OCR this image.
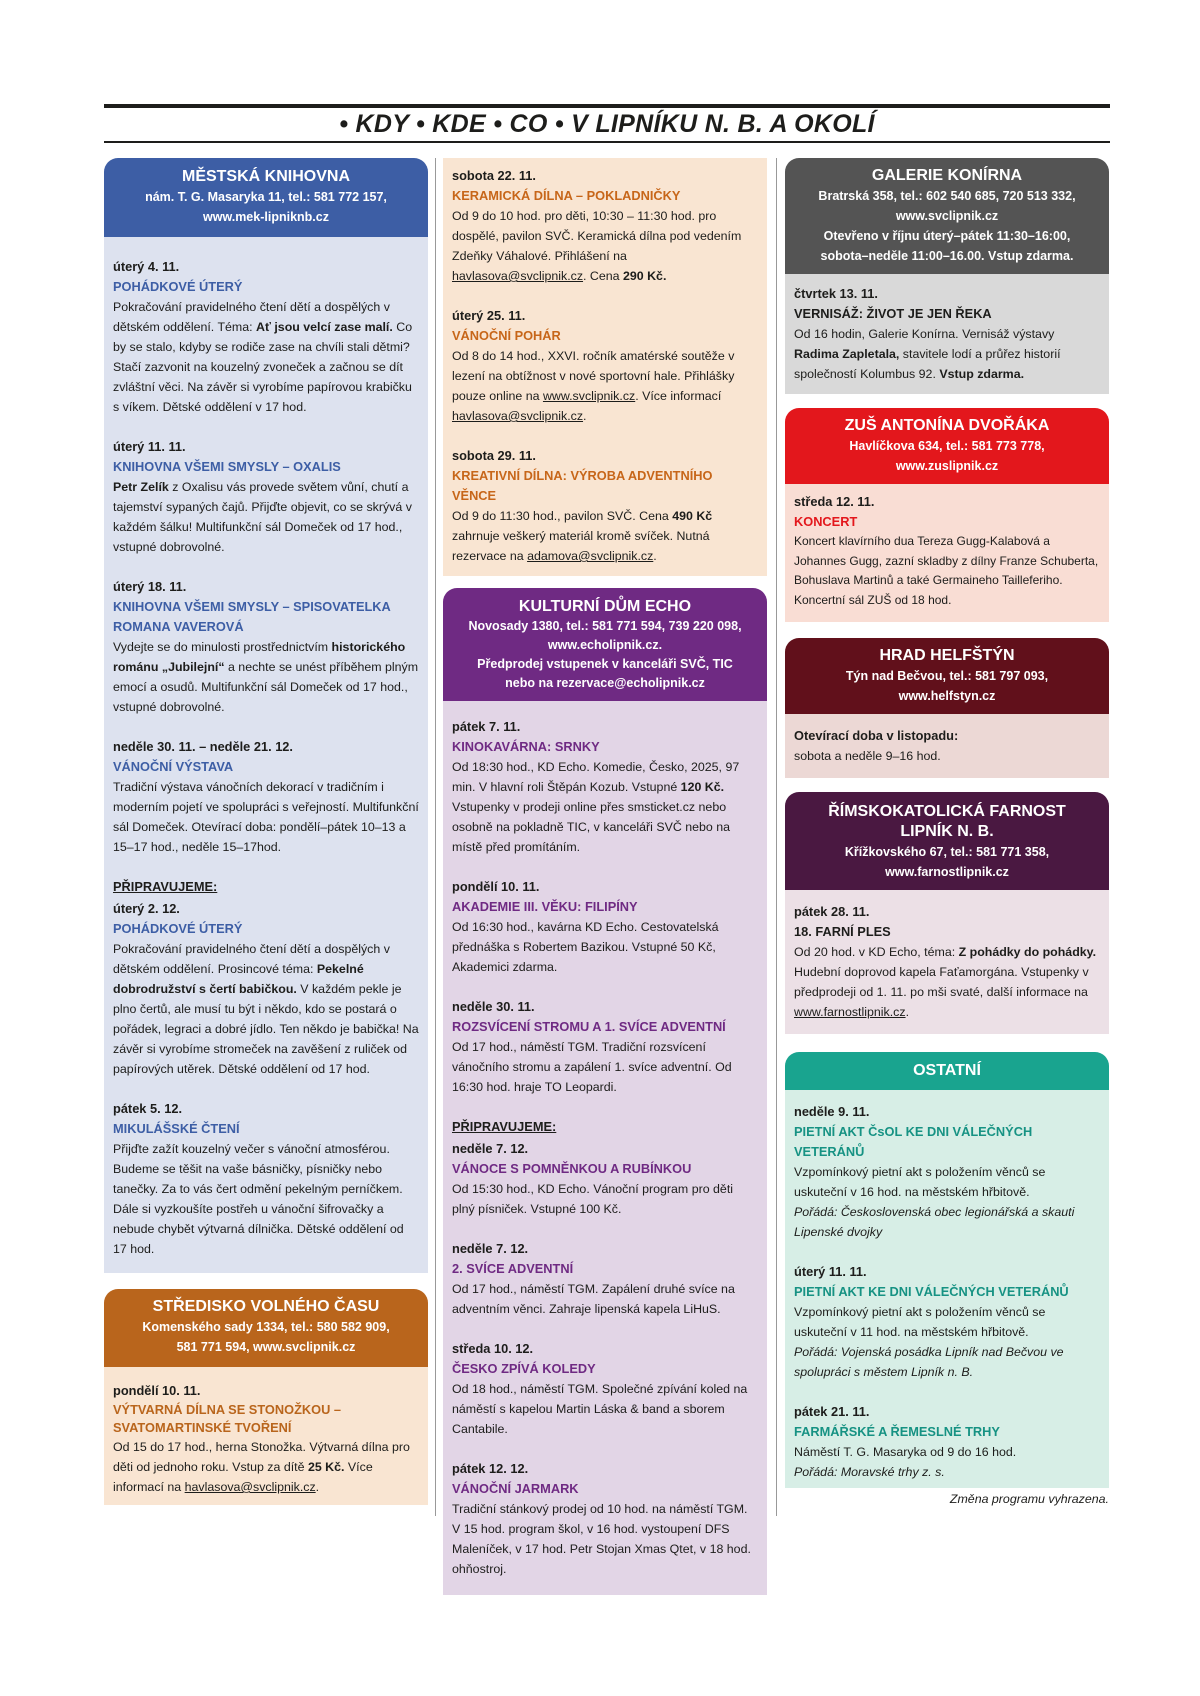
• KDY • KDE • CO • V LIPNÍKU N. B. A OKOLÍ
MĚSTSKÁ KNIHOVNA
nám. T. G. Masaryka 11, tel.: 581 772 157,
www.mek-lipniknb.cz
úterý 4. 11.
POHÁDKOVÉ ÚTERÝ
Pokračování pravidelného čtení dětí a dospělých v dětském oddělení. Téma: Ať jsou velcí zase malí. Co by se stalo, kdyby se rodiče zase na chvíli stali dětmi? Stačí zazvonit na kouzelný zvoneček a začnou se dít zvláštní věci. Na závěr si vyrobíme papírovou krabičku s víkem. Dětské oddělení v 17 hod.
úterý 11. 11.
KNIHOVNA VŠEMI SMYSLY – OXALIS
Petr Zelík z Oxalisu vás provede světem vůní, chutí a tajemství sypaných čajů. Přijďte objevit, co se skrývá v každém šálku! Multifunkční sál Domeček od 17 hod., vstupné dobrovolné.
úterý 18. 11.
KNIHOVNA VŠEMI SMYSLY – SPISOVATELKA ROMANA VAVEROVÁ
Vydejte se do minulosti prostřednictvím historického románu „Jubilejní“ a nechte se unést příběhem plným emocí a osudů. Multifunkční sál Domeček od 17 hod., vstupné dobrovolné.
neděle 30. 11. – neděle 21. 12.
VÁNOČNÍ VÝSTAVA
Tradiční výstava vánočních dekorací v tradičním i moderním pojetí ve spolupráci s veřejností. Multifunkční sál Domeček. Otevírací doba: pondělí–pátek 10–13 a 15–17 hod., neděle 15–17hod.
PŘIPRAVUJEME:
úterý 2. 12.
POHÁDKOVÉ ÚTERÝ
Pokračování pravidelného čtení dětí a dospělých v dětském oddělení. Prosincové téma: Pekelné dobrodružství s čertí babičkou. V každém pekle je plno čertů, ale musí tu být i někdo, kdo se postará o pořádek, legraci a dobré jídlo. Ten někdo je babička! Na závěr si vyrobíme stromeček na zavěšení z ruliček od papírových utěrek. Dětské oddělení od 17 hod.
pátek 5. 12.
MIKULÁŠSKÉ ČTENÍ
Přijďte zažít kouzelný večer s vánoční atmosférou. Budeme se těšit na vaše básničky, písničky nebo tanečky. Za to vás čert odmění pekelným perníčkem. Dále si vyzkoušíte postřeh u vánoční šifrovačky a nebude chybět výtvarná dílnička. Dětské oddělení od 17 hod.
STŘEDISKO VOLNÉHO ČASU
Komenského sady 1334, tel.: 580 582 909,
581 771 594, www.svclipnik.cz
pondělí 10. 11.
VÝTVARNÁ DÍLNA SE STONOŽKOU – SVATOMARTINSKÉ TVOŘENÍ
Od 15 do 17 hod., herna Stonožka. Výtvarná dílna pro děti od jednoho roku. Vstup za dítě 25 Kč. Více informací na havlasova@svclipnik.cz.
sobota 22. 11.
KERAMICKÁ DÍLNA – POKLADNIČKY
Od 9 do 10 hod. pro děti, 10:30 – 11:30 hod. pro dospělé, pavilon SVČ. Keramická dílna pod vedením Zdeňky Váhalové. Přihlášení na havlasova@svclipnik.cz. Cena 290 Kč.
úterý 25. 11.
VÁNOČNÍ POHÁR
Od 8 do 14 hod., XXVI. ročník amatérské soutěže v lezení na obtížnost v nové sportovní hale. Přihlášky pouze online na www.svclipnik.cz. Více informací havlasova@svclipnik.cz.
sobota 29. 11.
KREATIVNÍ DÍLNA: VÝROBA ADVENTNÍHO VĚNCE
Od 9 do 11:30 hod., pavilon SVČ. Cena 490 Kč zahrnuje veškerý materiál kromě svíček. Nutná rezervace na adamova@svclipnik.cz.
KULTURNÍ DŮM ECHO
Novosady 1380, tel.: 581 771 594, 739 220 098,
www.echolipnik.cz.
Předprodej vstupenek v kanceláři SVČ, TIC
nebo na rezervace@echolipnik.cz
pátek 7. 11.
KINOKAVÁRNA: SRNKY
Od 18:30 hod., KD Echo. Komedie, Česko, 2025, 97 min. V hlavní roli Štěpán Kozub. Vstupné 120 Kč. Vstupenky v prodeji online přes smsticket.cz nebo osobně na pokladně TIC, v kanceláři SVČ nebo na místě před promítáním.
pondělí 10. 11.
AKADEMIE III. VĚKU: FILIPÍNY
Od 16:30 hod., kavárna KD Echo. Cestovatelská přednáška s Robertem Bazikou. Vstupné 50 Kč, Akademici zdarma.
neděle 30. 11.
ROZSVÍCENÍ STROMU A 1. SVÍCE ADVENTNÍ
Od 17 hod., náměstí TGM. Tradiční rozsvícení vánočního stromu a zapálení 1. svíce adventní. Od 16:30 hod. hraje TO Leopardi.
PŘIPRAVUJEME:
neděle 7. 12.
VÁNOCE S POMNĚNKOU A RUBÍNKOU
Od 15:30 hod., KD Echo. Vánoční program pro děti plný písniček. Vstupné 100 Kč.
neděle 7. 12.
2. SVÍCE ADVENTNÍ
Od 17 hod., náměstí TGM. Zapálení druhé svíce na adventním věnci. Zahraje lipenská kapela LiHuS.
středa 10. 12.
ČESKO ZPÍVÁ KOLEDY
Od 18 hod., náměstí TGM. Společné zpívání koled na náměstí s kapelou Martin Láska & band a sborem Cantabile.
pátek 12. 12.
VÁNOČNÍ JARMARK
Tradiční stánkový prodej od 10 hod. na náměstí TGM. V 15 hod. program škol, v 16 hod. vystoupení DFS Maleníček, v 17 hod. Petr Stojan Xmas Qtet, v 18 hod. ohňostroj.
GALERIE KONÍRNA
Bratrská 358, tel.: 602 540 685, 720 513 332,
www.svclipnik.cz
Otevřeno v říjnu úterý–pátek 11:30–16:00,
sobota–neděle 11:00–16.00. Vstup zdarma.
čtvrtek 13. 11.
VERNISÁŽ: ŽIVOT JE JEN ŘEKA
Od 16 hodin, Galerie Konírna. Vernisáž výstavy Radima Zapletala, stavitele lodí a průřez historií společností Kolumbus 92. Vstup zdarma.
ZUŠ ANTONÍNA DVOŘÁKA
Havlíčkova 634, tel.: 581 773 778,
www.zuslipnik.cz
středa 12. 11.
KONCERT
Koncert klavírního dua Tereza Gugg-Kalabová a Johannes Gugg, zazní skladby z dílny Franze Schuberta, Bohuslava Martinů a také Germaineho Tailleferiho. Koncertní sál ZUŠ od 18 hod.
HRAD HELFŠTÝN
Týn nad Bečvou, tel.: 581 797 093,
www.helfstyn.cz
Otevírací doba v listopadu:
sobota a neděle 9–16 hod.
ŘÍMSKOKATOLICKÁ FARNOST
LIPNÍK N. B.
Křížkovského 67, tel.: 581 771 358,
www.farnostlipnik.cz
pátek 28. 11.
18. FARNÍ PLES
Od 20 hod. v KD Echo, téma: Z pohádky do pohádky. Hudební doprovod kapela Faťamorgána. Vstupenky v předprodeji od 1. 11. po mši svaté, další informace na www.farnostlipnik.cz.
OSTATNÍ
neděle 9. 11.
PIETNÍ AKT ČsOL KE DNI VÁLEČNÝCH VETERÁNŮ
Vzpomínkový pietní akt s položením věnců se uskuteční v 16 hod. na městském hřbitově.
Pořádá: Československá obec legionářská a skauti Lipenské dvojky
úterý 11. 11.
PIETNÍ AKT KE DNI VÁLEČNÝCH VETERÁNŮ
Vzpomínkový pietní akt s položením věnců se uskuteční v 11 hod. na městském hřbitově.
Pořádá: Vojenská posádka Lipník nad Bečvou ve spolupráci s městem Lipník n. B.
pátek 21. 11.
FARMÁŘSKÉ A ŘEMESLNÉ TRHY
Náměstí T. G. Masaryka od 9 do 16 hod.
Pořádá: Moravské trhy z. s.
Změna programu vyhrazena.
